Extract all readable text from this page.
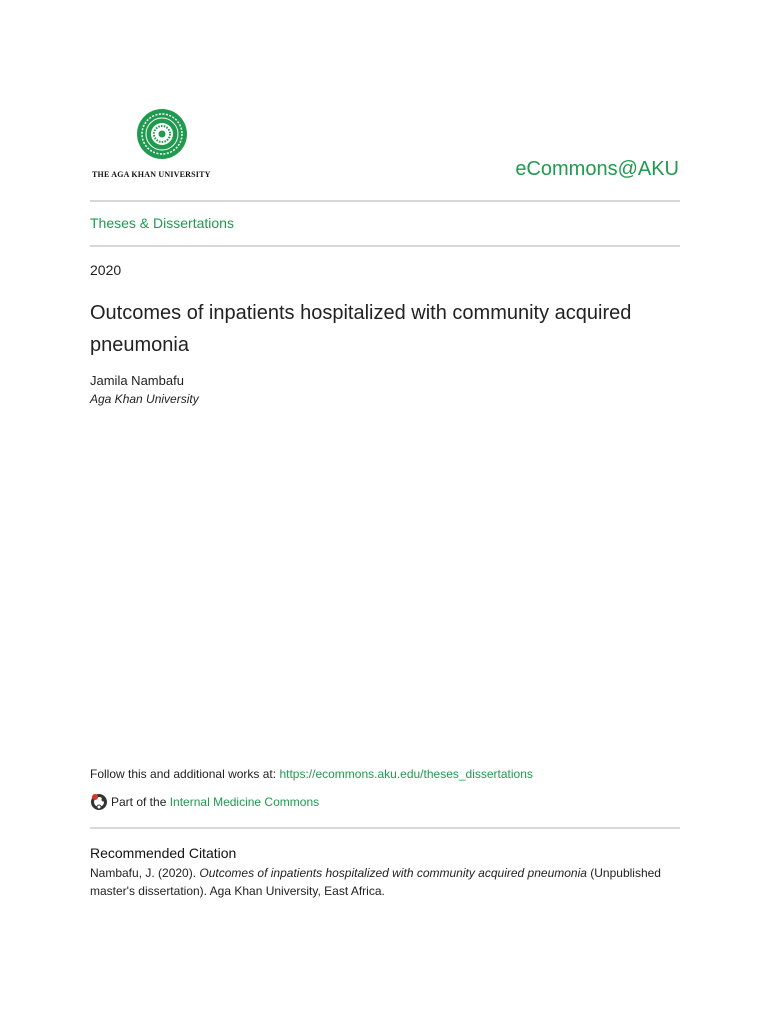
THE AGA KHAN UNIVERSITY	eCommons@AKU
Theses & Dissertations
2020
Outcomes of inpatients hospitalized with community acquired pneumonia
Jamila Nambafu
Aga Khan University
Follow this and additional works at: https://ecommons.aku.edu/theses_dissertations
Part of the
Internal Medicine Commons
Recommended Citation
Nambafu, J. (2020). Outcomes of inpatients hospitalized with community acquired pneumonia (Unpublished master's dissertation). Aga Khan University, East Africa.
